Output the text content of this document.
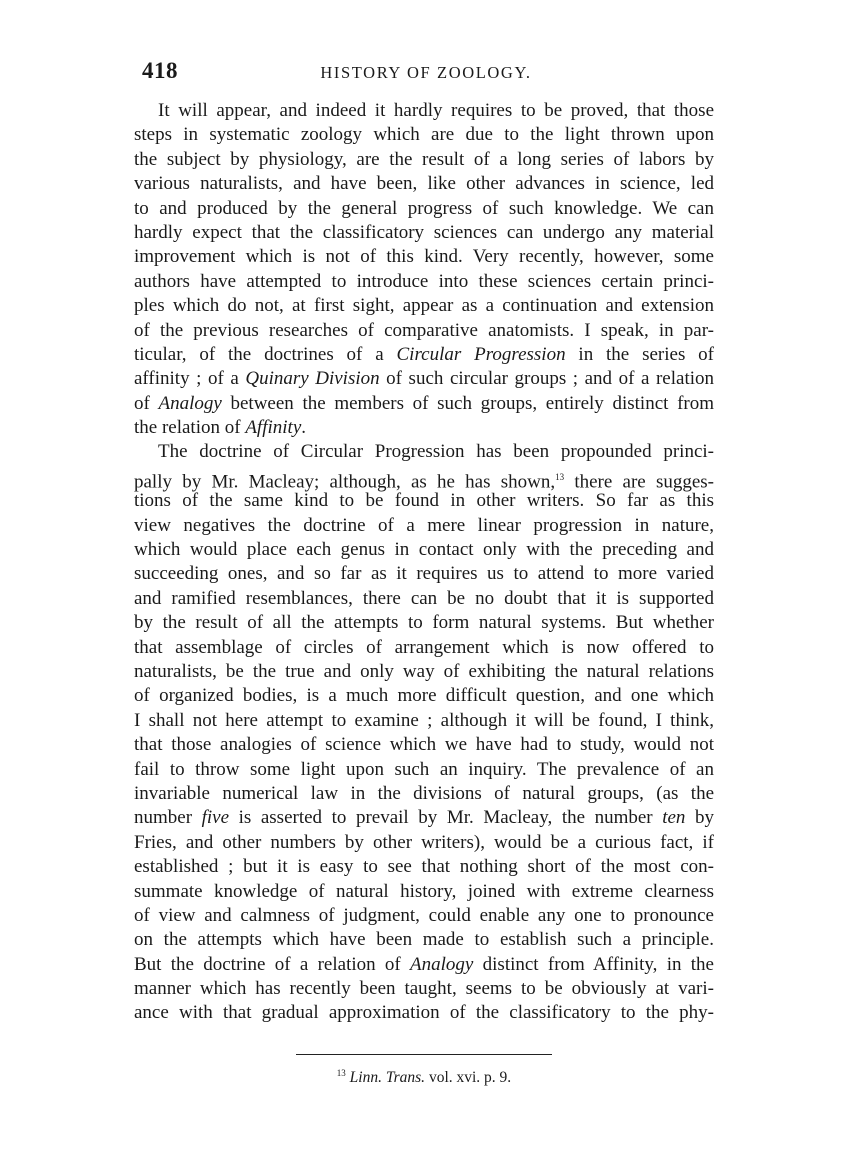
418	HISTORY OF ZOOLOGY.
It will appear, and indeed it hardly requires to be proved, that those
steps in systematic zoology which are due to the light thrown upon
the subject by physiology, are the result of a long series of labors by
various naturalists, and have been, like other advances in science, led
to and produced by the general progress of such knowledge. We can
hardly expect that the classificatory sciences can undergo any material
improvement which is not of this kind. Very recently, however, some
authors have attempted to introduce into these sciences certain princi-
ples which do not, at first sight, appear as a continuation and extension
of the previous researches of comparative anatomists. I speak, in par-
ticular, of the doctrines of a Circular Progression in the series of
affinity ; of a Quinary Division of such circular groups ; and of a relation
of Analogy between the members of such groups, entirely distinct from
the relation of Affinity.
The doctrine of Circular Progression has been propounded princi-
pally by Mr. Macleay; although, as he has shown,$^{13}$ there are sugges-
tions of the same kind to be found in other writers. So far as this
view negatives the doctrine of a mere linear progression in nature,
which would place each genus in contact only with the preceding and
succeeding ones, and so far as it requires us to attend to more varied
and ramified resemblances, there can be no doubt that it is supported
by the result of all the attempts to form natural systems. But whether
that assemblage of circles of arrangement which is now offered to
naturalists, be the true and only way of exhibiting the natural relations
of organized bodies, is a much more difficult question, and one which
I shall not here attempt to examine ; although it will be found, I think,
that those analogies of science which we have had to study, would not
fail to throw some light upon such an inquiry. The prevalence of an
invariable numerical law in the divisions of natural groups, (as the
number five is asserted to prevail by Mr. Macleay, the number ten by
Fries, and other numbers by other writers), would be a curious fact, if
established ; but it is easy to see that nothing short of the most con-
summate knowledge of natural history, joined with extreme clearness
of view and calmness of judgment, could enable any one to pronounce
on the attempts which have been made to establish such a principle.
But the doctrine of a relation of Analogy distinct from Affinity, in the
manner which has recently been taught, seems to be obviously at vari-
ance with that gradual approximation of the classificatory to the phy-
$^{13}$ Linn. Trans. vol. xvi. p. 9.
